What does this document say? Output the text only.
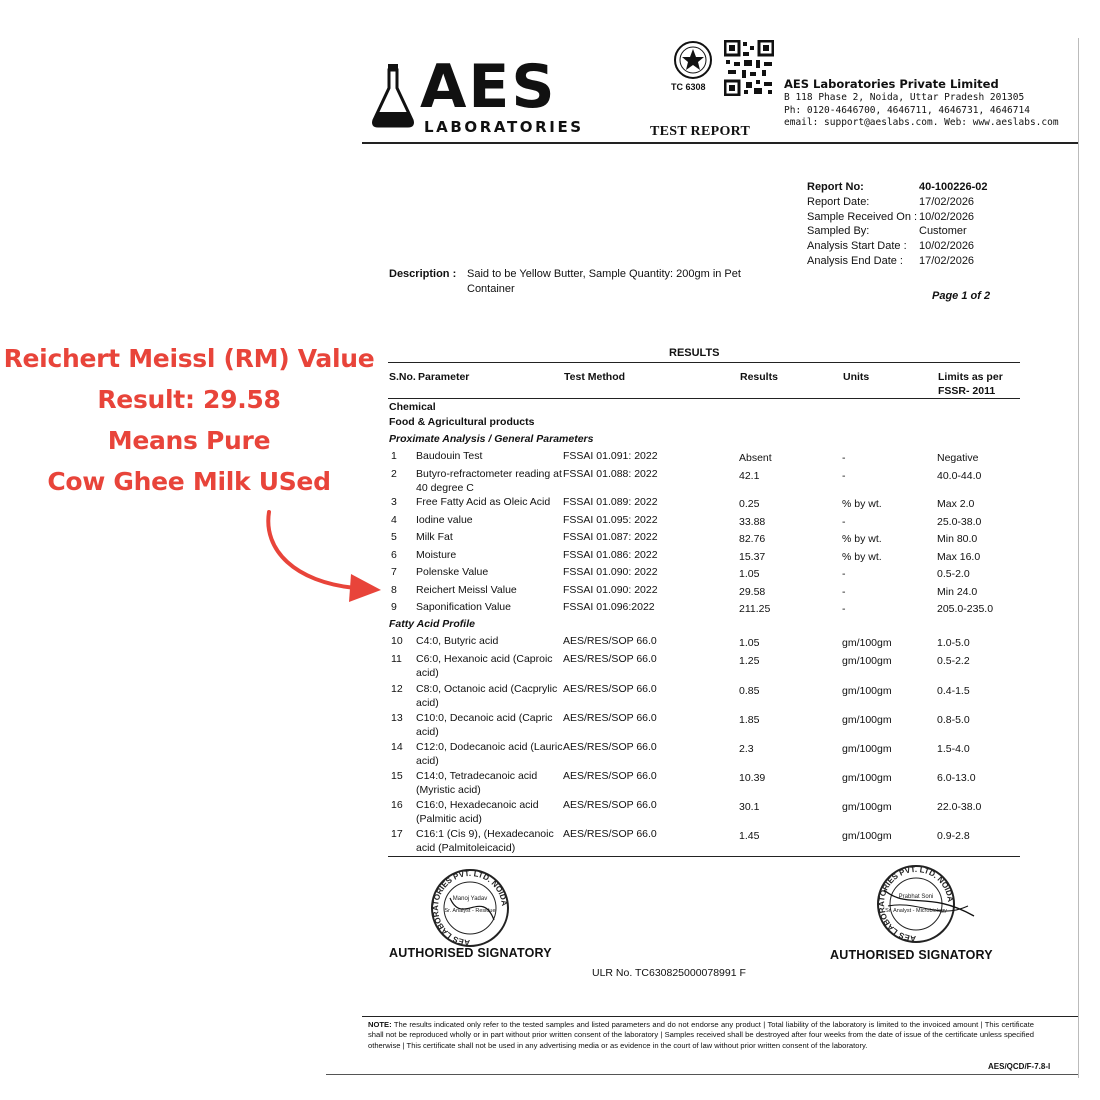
Reichert Meissl (RM) Value
Result: 29.58
Means Pure
Cow Ghee Milk USed
AES
LABORATORIES
TC 6308
TEST REPORT
AES Laboratories Private Limited
B 118 Phase 2, Noida, Uttar Pradesh 201305
Ph: 0120-4646700, 4646711, 4646731, 4646714
email: support@aeslabs.com. Web: www.aeslabs.com
Report No:	40-100226-02
Report Date:	17/02/2026
Sample Received On : 10/02/2026
Sampled By:	Customer
Analysis Start Date :	10/02/2026
Analysis End Date :	17/02/2026
Description : Said to be Yellow Butter, Sample Quantity: 200gm in Pet Container
Page 1 of 2
RESULTS
S.No. Parameter	Test Method	Results	Units	Limits as per FSSR- 2011
Chemical
Food & Agricultural products
Proximate Analysis / General Parameters
Fatty Acid Profile
1	Baudouin Test	FSSAI 01.091: 2022	Absent	-	Negative
2	Butyro-refractometer reading at 40 degree C
FSSAI 01.088: 2022	42.1	-	40.0-44.0
3	Free Fatty Acid as Oleic Acid	FSSAI 01.089: 2022	0.25	% by wt.	Max 2.0
4	Iodine value	FSSAI 01.095: 2022	33.88	-	25.0-38.0
5	Milk Fat	FSSAI 01.087: 2022	82.76	% by wt.	Min 80.0
6	Moisture	FSSAI 01.086: 2022	15.37	% by wt.	Max 16.0
7	Polenske Value	FSSAI 01.090: 2022	1.05	-	0.5-2.0
8	Reichert Meissl Value	FSSAI 01.090: 2022	29.58	-	Min 24.0
9	Saponification Value	FSSAI 01.096:2022	211.25	-	205.0-235.0
10	C4:0, Butyric acid	AES/RES/SOP 66.0	1.05	gm/100gm	1.0-5.0
11	C6:0, Hexanoic acid (Caproic acid)
AES/RES/SOP 66.0	1.25	gm/100gm	0.5-2.2
12	C8:0, Octanoic acid (Cacprylic acid)
AES/RES/SOP 66.0	0.85	gm/100gm	0.4-1.5
13	C10:0, Decanoic acid (Capric acid)
AES/RES/SOP 66.0	1.85	gm/100gm	0.8-5.0
14	C12:0, Dodecanoic acid (Lauric acid)
AES/RES/SOP 66.0	2.3	gm/100gm	1.5-4.0
15	C14:0, Tetradecanoic acid (Myristic acid)
AES/RES/SOP 66.0	10.39	gm/100gm	6.0-13.0
16	C16:0, Hexadecanoic acid (Palmitic acid)
AES/RES/SOP 66.0	30.1	gm/100gm	22.0-38.0
17	C16:1 (Cis 9), (Hexadecanoic acid (Palmitoleicacid)
AES/RES/SOP 66.0	1.45	gm/100gm	0.9-2.8
AES LABORATORIES PVT. LTD. NOIDA
Manoj Yadav
Sr. Analyst - Residue
AES LABORATORIES PVT. LTD. NOIDA
Prabhat Soni
Sr. Analyst - Microbiology
AUTHORISED SIGNATORY	AUTHORISED SIGNATORY
ULR No. TC630825000078991 F
NOTE: The results indicated only refer to the tested samples and listed parameters and do not endorse any product | Total liability of the laboratory is limited to the invoiced amount | This certificate shall not be reproduced wholly or in part without prior written consent of the laboratory | Samples received shall be destroyed after four weeks from the date of issue of the certificate unless specified otherwise | This certificate shall not be used in any advertising media or as evidence in the court of law without prior written consent of the laboratory.
AES/QCD/F-7.8-I
